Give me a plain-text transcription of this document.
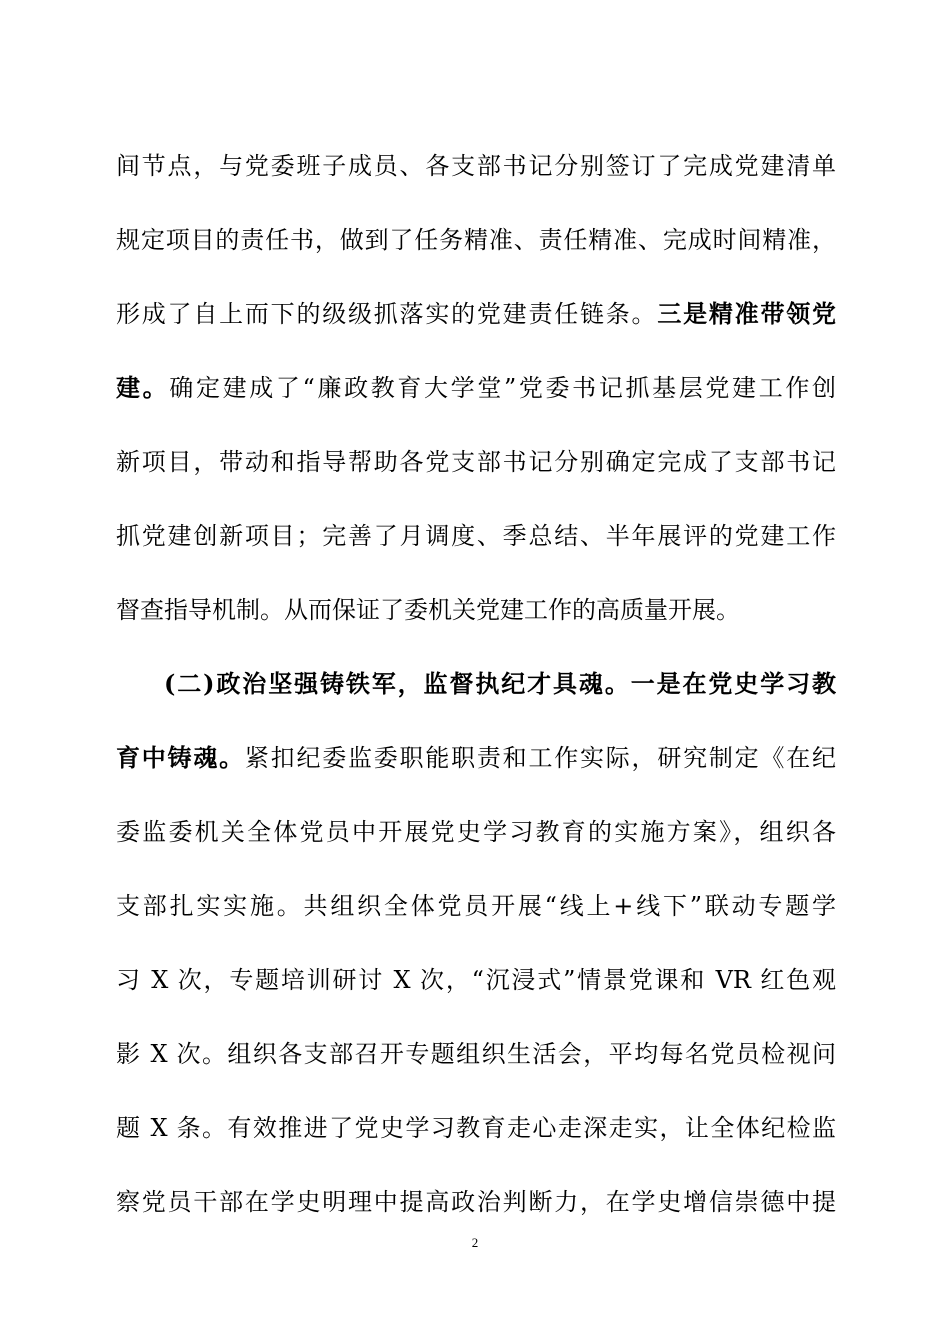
间节点，与党委班子成员、各支部书记分别签订了完成党建清单
规定项目的责任书，做到了任务精准、责任精准、完成时间精准，
形成了自上而下的级级抓落实的党建责任链条。三是精准带领党
建。确定建成了“廉政教育大学堂”党委书记抓基层党建工作创
新项目，带动和指导帮助各党支部书记分别确定完成了支部书记
抓党建创新项目；完善了月调度、季总结、半年展评的党建工作
督查指导机制。从而保证了委机关党建工作的高质量开展。
(二)政治坚强铸铁军，监督执纪才具魂。一是在党史学习教
育中铸魂。紧扣纪委监委职能职责和工作实际，研究制定《在纪
委监委机关全体党员中开展党史学习教育的实施方案》，组织各
支部扎实实施。共组织全体党员开展“线上+线下”联动专题学
习 X 次，专题培训研讨 X 次，“沉浸式”情景党课和 VR 红色观
影 X 次。组织各支部召开专题组织生活会，平均每名党员检视问
题 X 条。有效推进了党史学习教育走心走深走实，让全体纪检监
察党员干部在学史明理中提高政治判断力，在学史增信崇德中提
2
